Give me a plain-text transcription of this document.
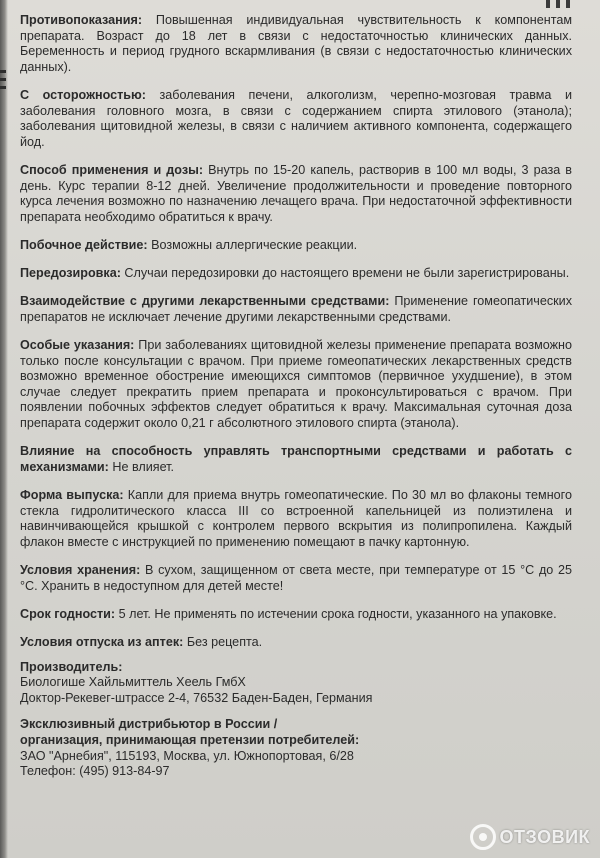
Противопоказания: Повышенная индивидуальная чувствительность к компонентам препарата. Возраст до 18 лет в связи с недостаточностью клинических данных. Беременность и период грудного вскармливания (в связи с недостаточностью клинических данных).

С осторожностью: заболевания печени, алкоголизм, черепно-мозговая травма и заболевания головного мозга, в связи с содержанием спирта этилового (этанола); заболевания щитовидной железы, в связи с наличием активного компонента, содержащего йод.

Способ применения и дозы: Внутрь по 15-20 капель, растворив в 100 мл воды, 3 раза в день. Курс терапии 8-12 дней. Увеличение продолжительности и проведение повторного курса лечения возможно по назначению лечащего врача. При недостаточной эффективности препарата необходимо обратиться к врачу.

Побочное действие: Возможны аллергические реакции.

Передозировка: Случаи передозировки до настоящего времени не были зарегистрированы.

Взаимодействие с другими лекарственными средствами: Применение гомеопатических препаратов не исключает лечение другими лекарственными средствами.

Особые указания: При заболеваниях щитовидной железы применение препарата возможно только после консультации с врачом. При приеме гомеопатических лекарственных средств возможно временное обострение имеющихся симптомов (первичное ухудшение), в этом случае следует прекратить прием препарата и проконсультироваться с врачом. При появлении побочных эффектов следует обратиться к врачу. Максимальная суточная доза препарата содержит около 0,21 г абсолютного этилового спирта (этанола).

Влияние на способность управлять транспортными средствами и работать с механизмами: Не влияет.

Форма выпуска: Капли для приема внутрь гомеопатические. По 30 мл во флаконы темного стекла гидролитического класса III со встроенной капельницей из полиэтилена и навинчивающейся крышкой с контролем первого вскрытия из полипропилена. Каждый флакон вместе с инструкцией по применению помещают в пачку картонную.

Условия хранения: В сухом, защищенном от света месте, при температуре от 15 °С до 25 °С. Хранить в недоступном для детей месте!

Срок годности: 5 лет. Не применять по истечении срока годности, указанного на упаковке.

Условия отпуска из аптек: Без рецепта.

Производитель:
Биологише Хайльмиттель Хеель ГмбХ
Доктор-Рекевег-штрассе 2-4, 76532 Баден-Баден, Германия
Эксклюзивный дистрибьютор в России /
организация, принимающая претензии потребителей:
ЗАО "Арнебия", 115193, Москва, ул. Южнопортовая, 6/28
Телефон: (495) 913-84-97
ОТЗОВИК
